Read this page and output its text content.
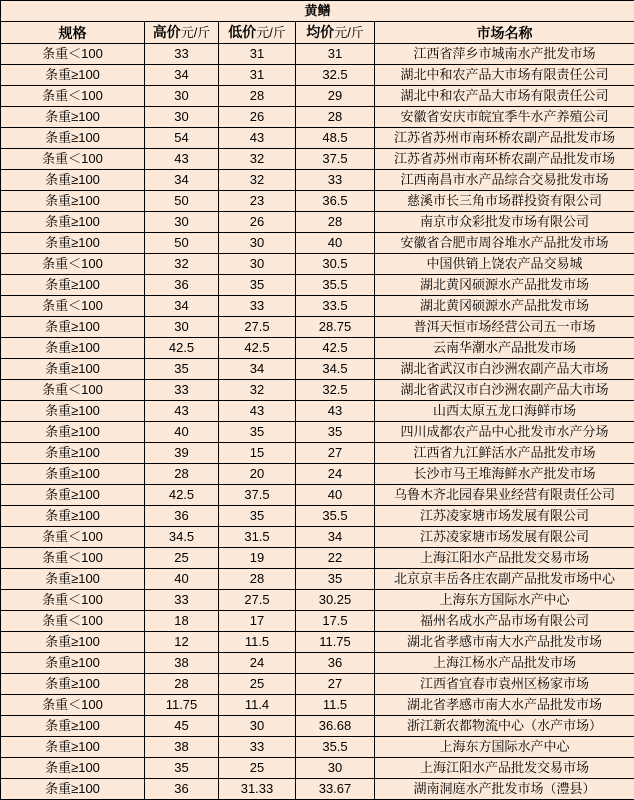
黄鳝				
规格	高价元/斤	低价元/斤	均价元/斤	市场名称
条重＜100	33	31	31	江西省萍乡市城南水产批发市场
条重≥100	34	31	32.5	湖北中和农产品大市场有限责任公司
条重＜100	30	28	29	湖北中和农产品大市场有限责任公司
条重≥100	30	26	28	安徽省安庆市皖宜季牛水产养殖公司
条重≥100	54	43	48.5	江苏省苏州市南环桥农副产品批发市场
条重＜100	43	32	37.5	江苏省苏州市南环桥农副产品批发市场
条重≥100	34	32	33	江西南昌市水产品综合交易批发市场
条重≥100	50	23	36.5	慈溪市长三角市场群投资有限公司
条重≥100	30	26	28	南京市众彩批发市场有限公司
条重≥100	50	30	40	安徽省合肥市周谷堆水产品批发市场
条重＜100	32	30	30.5	中国供销上饶农产品交易城
条重≥100	36	35	35.5	湖北黄冈硕源水产品批发市场
条重＜100	34	33	33.5	湖北黄冈硕源水产品批发市场
条重≥100	30	27.5	28.75	普洱天恒市场经营公司五一市场
条重≥100	42.5	42.5	42.5	云南华潮水产品批发市场
条重≥100	35	34	34.5	湖北省武汉市白沙洲农副产品大市场
条重＜100	33	32	32.5	湖北省武汉市白沙洲农副产品大市场
条重≥100	43	43	43	山西太原五龙口海鲜市场
条重≥100	40	35	35	四川成都农产品中心批发市水产分场
条重≥100	39	15	27	江西省九江鲜活水产品批发市场
条重≥100	28	20	24	长沙市马王堆海鲜水产批发市场
条重≥100	42.5	37.5	40	乌鲁木齐北园春果业经营有限责任公司
条重≥100	36	35	35.5	江苏凌家塘市场发展有限公司
条重＜100	34.5	31.5	34	江苏凌家塘市场发展有限公司
条重＜100	25	19	22	上海江阳水产品批发交易市场
条重≥100	40	28	35	北京京丰岳各庄农副产品批发市场中心
条重＜100	33	27.5	30.25	上海东方国际水产中心
条重＜100	18	17	17.5	福州名成水产品市场有限公司
条重≥100	12	11.5	11.75	湖北省孝感市南大水产品批发市场
条重≥100	38	24	36	上海江杨水产品批发市场
条重≥100	28	25	27	江西省宜春市袁州区杨家市场
条重＜100	11.75	11.4	11.5	湖北省孝感市南大水产品批发市场
条重≥100	45	30	36.68	浙江新农都物流中心（水产市场）
条重≥100	38	33	35.5	上海东方国际水产中心
条重≥100	35	25	30	上海江阳水产品批发交易市场
条重≥100	36	31.33	33.67	湖南洞庭水产批发市场（澧县）
